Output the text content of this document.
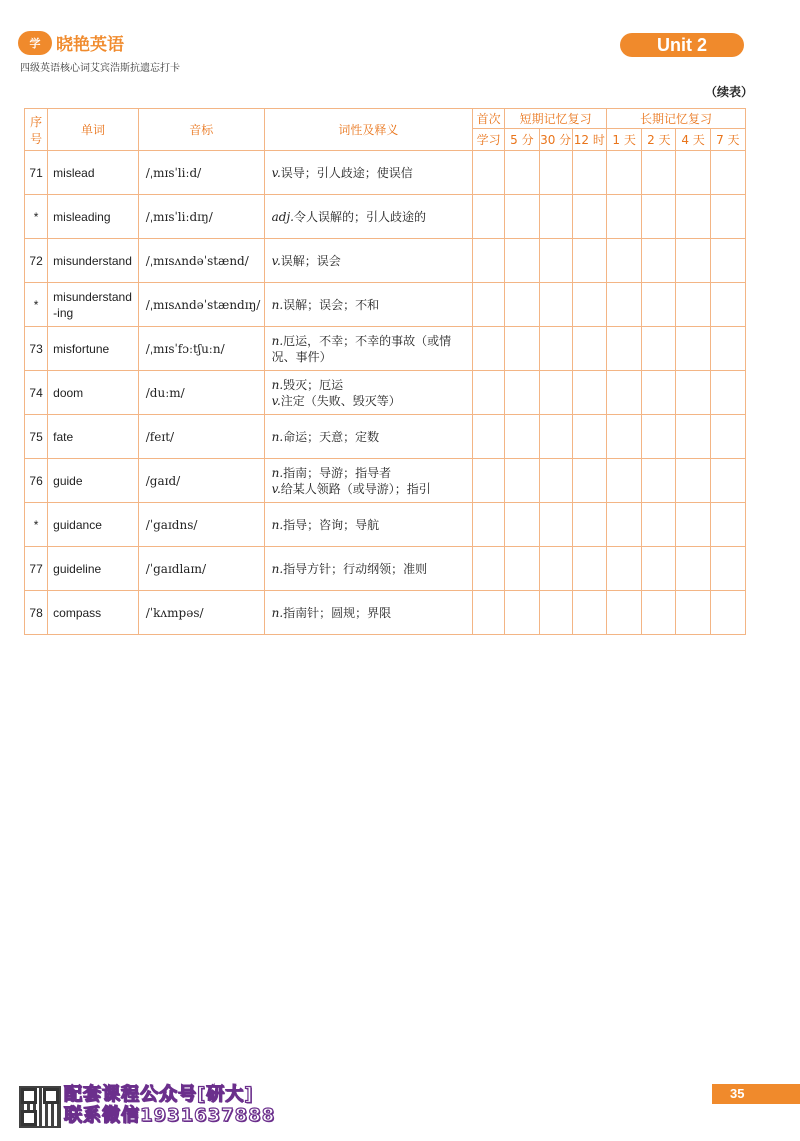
学 晓艳英语
四级英语核心词艾宾浩斯抗遗忘打卡
Unit 2
（续表）
序号	单词	音标	词性及释义	首次	短期记忆复习			长期记忆复习			
				学习	5 分	30 分	12 时	1 天	2 天	4 天	7 天
71	mislead	/ˌmɪsˈliːd/	v.误导；引人歧途；使误信								

*	misleading	/ˌmɪsˈliːdɪŋ/	adj.令人误解的；引人歧途的								

72	misunderstand	/ˌmɪsʌndəˈstænd/	v.误解；误会								

*	misunderstand
-ing	/ˌmɪsʌndəˈstændɪŋ/	n.误解；误会；不和								

73	misfortune	/ˌmɪsˈfɔːtʃuːn/	n.厄运，不幸；不幸的事故（或情况、事件）								

74	doom	/duːm/	n.毁灭；厄运
v.注定（失败、毁灭等）								

75	fate	/feɪt/	n.命运；天意；定数								

76	guide	/gaɪd/	n.指南；导游；指导者
v.给某人领路（或导游）；指引								

*	guidance	/ˈgaɪdns/	n.指导；咨询；导航								

77	guideline	/ˈgaɪdlaɪn/	n.指导方针；行动纲领；准则								

78	compass	/ˈkʌmpəs/	n.指南针；圆规；界限								

配套课程公众号[研大]
联系微信1931637888
35
